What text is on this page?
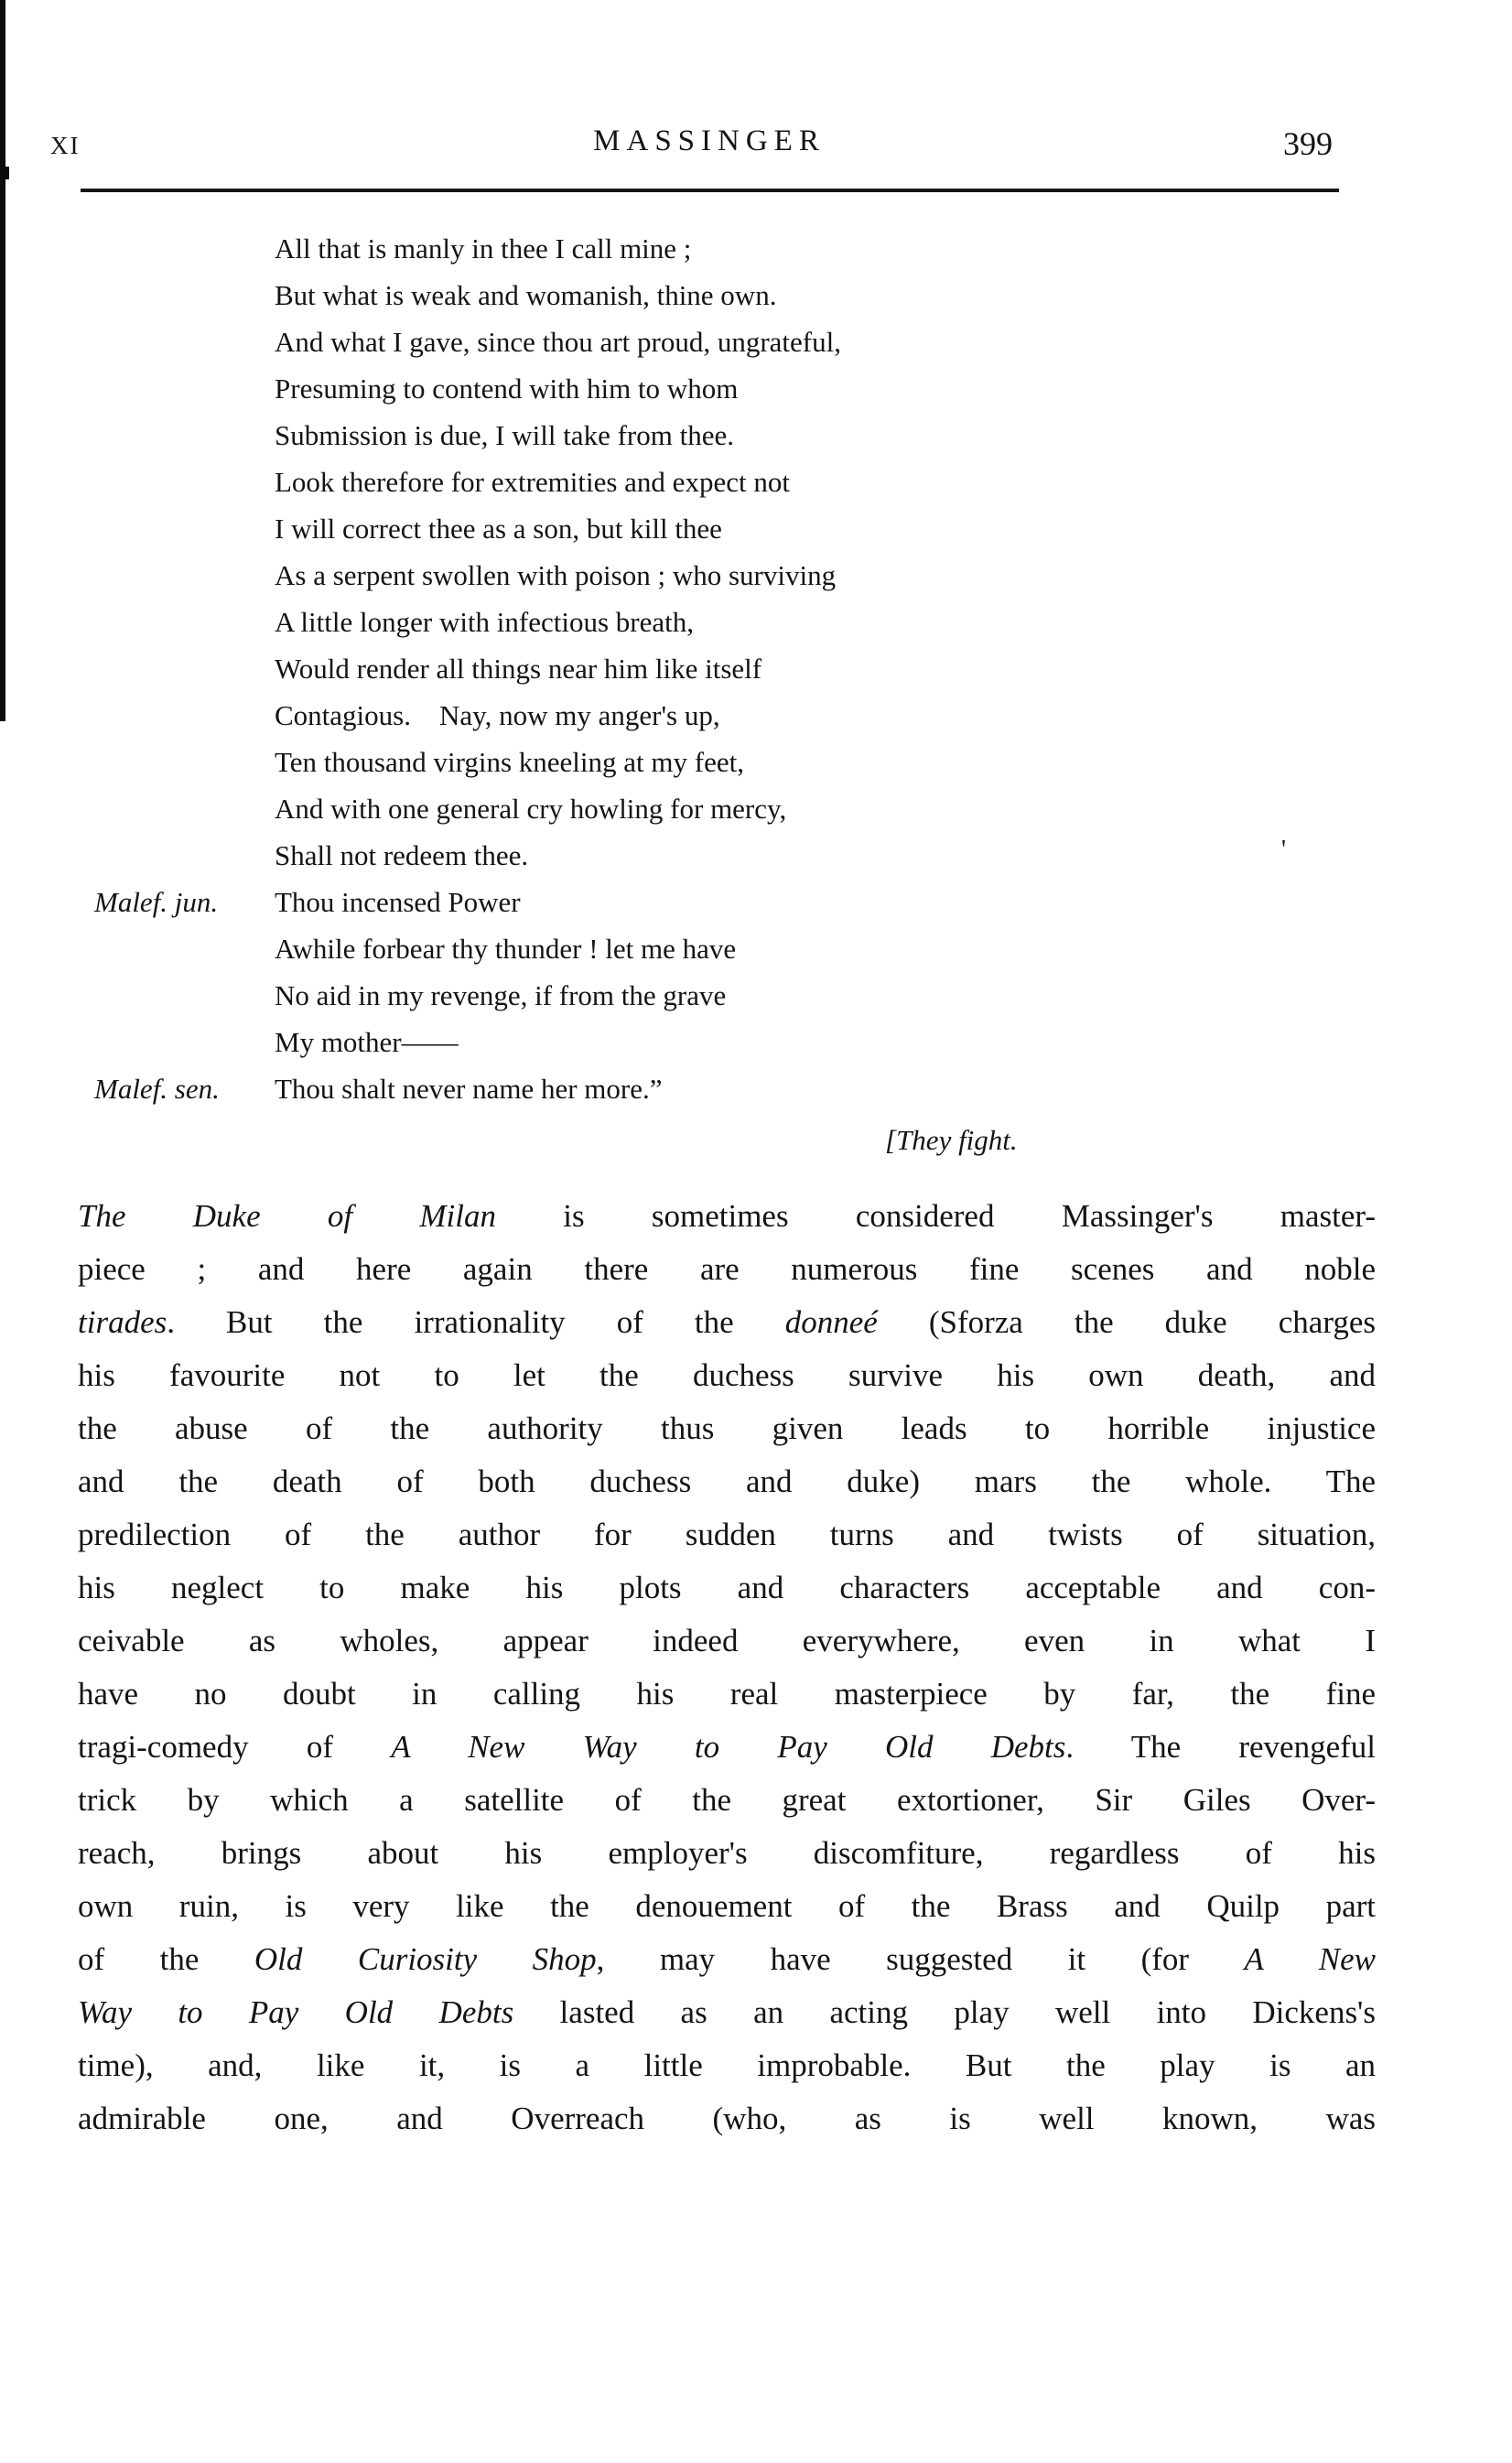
XI	MASSINGER	399
All that is manly in thee I call mine ;
But what is weak and womanish, thine own.
And what I gave, since thou art proud, ungrateful,
Presuming to contend with him to whom
Submission is due, I will take from thee.
Look therefore for extremities and expect not
I will correct thee as a son, but kill thee
As a serpent swollen with poison ; who surviving
A little longer with infectious breath,
Would render all things near him like itself
Contagious.  Nay, now my anger's up,
Ten thousand virgins kneeling at my feet,
And with one general cry howling for mercy,
Shall not redeem thee.	'
Malef. jun. Thou incensed Power
Awhile forbear thy thunder ! let me have
No aid in my revenge, if from the grave
My mother——
Malef. sen. Thou shalt never name her more.”
[They fight.
The Duke of Milan is sometimes considered Massinger's master-
piece ; and here again there are numerous fine scenes and noble
tirades. But the irrationality of the donneé (Sforza the duke charges
his favourite not to let the duchess survive his own death, and
the abuse of the authority thus given leads to horrible injustice
and the death of both duchess and duke) mars the whole. The
predilection of the author for sudden turns and twists of situation,
his neglect to make his plots and characters acceptable and con-
ceivable as wholes, appear indeed everywhere, even in what I
have no doubt in calling his real masterpiece by far, the fine
tragi-comedy of A New Way to Pay Old Debts. The revengeful
trick by which a satellite of the great extortioner, Sir Giles Over-
reach, brings about his employer's discomfiture, regardless of his
own ruin, is very like the denouement of the Brass and Quilp part
of the Old Curiosity Shop, may have suggested it (for A New
Way to Pay Old Debts lasted as an acting play well into Dickens's
time), and, like it, is a little improbable. But the play is an
admirable one, and Overreach (who, as is well known, was
